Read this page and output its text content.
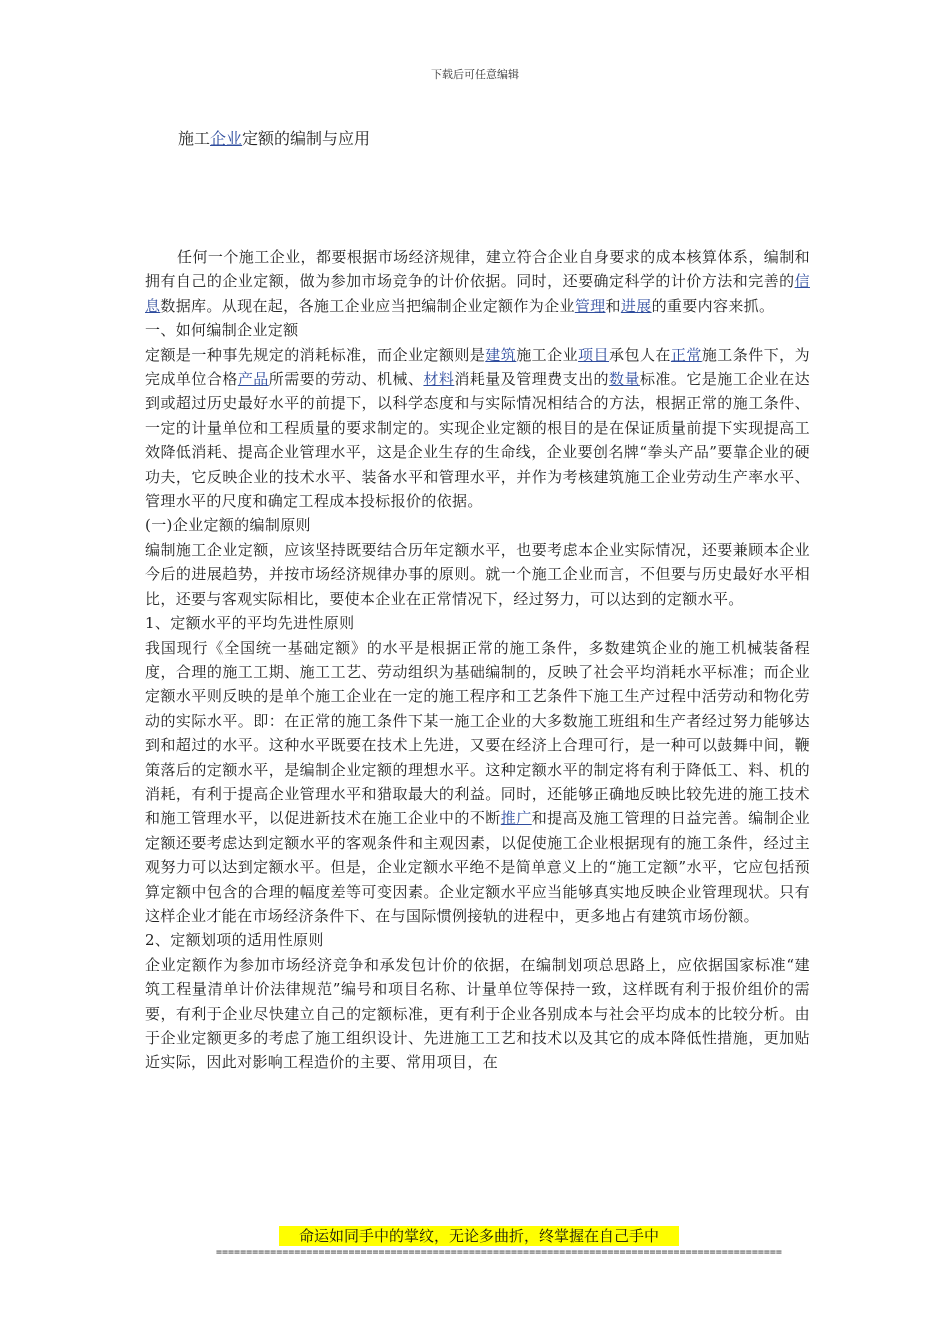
下载后可任意编辑
施工企业定额的编制与应用

任何一个施工企业，都要根据市场经济规律，建立符合企业自身要求的成本核算体系，编制和拥有自己的企业定额，做为参加市场竞争的计价依据。同时，还要确定科学的计价方法和完善的信息数据库。从现在起，各施工企业应当把编制企业定额作为企业管理和进展的重要内容来抓。

一、如何编制企业定额

定额是一种事先规定的消耗标准，而企业定额则是建筑施工企业项目承包人在正常施工条件下，为完成单位合格产品所需要的劳动、机械、材料消耗量及管理费支出的数量标准。它是施工企业在达到或超过历史最好水平的前提下，以科学态度和与实际情况相结合的方法，根据正常的施工条件、一定的计量单位和工程质量的要求制定的。实现企业定额的根目的是在保证质量前提下实现提高工效降低消耗、提高企业管理水平，这是企业生存的生命线，企业要创名牌“拳头产品”要靠企业的硬功夫，它反映企业的技术水平、装备水平和管理水平，并作为考核建筑施工企业劳动生产率水平、管理水平的尺度和确定工程成本投标报价的依据。

(一)企业定额的编制原则

编制施工企业定额，应该坚持既要结合历年定额水平，也要考虑本企业实际情况，还要兼顾本企业今后的进展趋势，并按市场经济规律办事的原则。就一个施工企业而言，不但要与历史最好水平相比，还要与客观实际相比，要使本企业在正常情况下，经过努力，可以达到的定额水平。

1、定额水平的平均先进性原则

我国现行《全国统一基础定额》的水平是根据正常的施工条件，多数建筑企业的施工机械装备程度，合理的施工工期、施工工艺、劳动组织为基础编制的，反映了社会平均消耗水平标准；而企业定额水平则反映的是单个施工企业在一定的施工程序和工艺条件下施工生产过程中活劳动和物化劳动的实际水平。即：在正常的施工条件下某一施工企业的大多数施工班组和生产者经过努力能够达到和超过的水平。这种水平既要在技术上先进，又要在经济上合理可行，是一种可以鼓舞中间，鞭策落后的定额水平，是编制企业定额的理想水平。这种定额水平的制定将有利于降低工、料、机的消耗，有利于提高企业管理水平和猎取最大的利益。同时，还能够正确地反映比较先进的施工技术和施工管理水平，以促进新技术在施工企业中的不断推广和提高及施工管理的日益完善。编制企业定额还要考虑达到定额水平的客观条件和主观因素，以促使施工企业根据现有的施工条件，经过主观努力可以达到定额水平。但是，企业定额水平绝不是简单意义上的“施工定额”水平，它应包括预算定额中包含的合理的幅度差等可变因素。企业定额水平应当能够真实地反映企业管理现状。只有这样企业才能在市场经济条件下、在与国际惯例接轨的进程中，更多地占有建筑市场份额。

2、定额划项的适用性原则

企业定额作为参加市场经济竞争和承发包计价的依据，在编制划项总思路上，应依据国家标准“建筑工程量清单计价法律规范”编号和项目名称、计量单位等保持一致，这样既有利于报价组价的需要，有利于企业尽快建立自己的定额标准，更有利于企业各别成本与社会平均成本的比较分析。由于企业定额更多的考虑了施工组织设计、先进施工工艺和技术以及其它的成本降低性措施，更加贴近实际，因此对影响工程造价的主要、常用项目，在

命运如同手中的掌纹，无论多曲折，终掌握在自己手中
==============================================================================================
